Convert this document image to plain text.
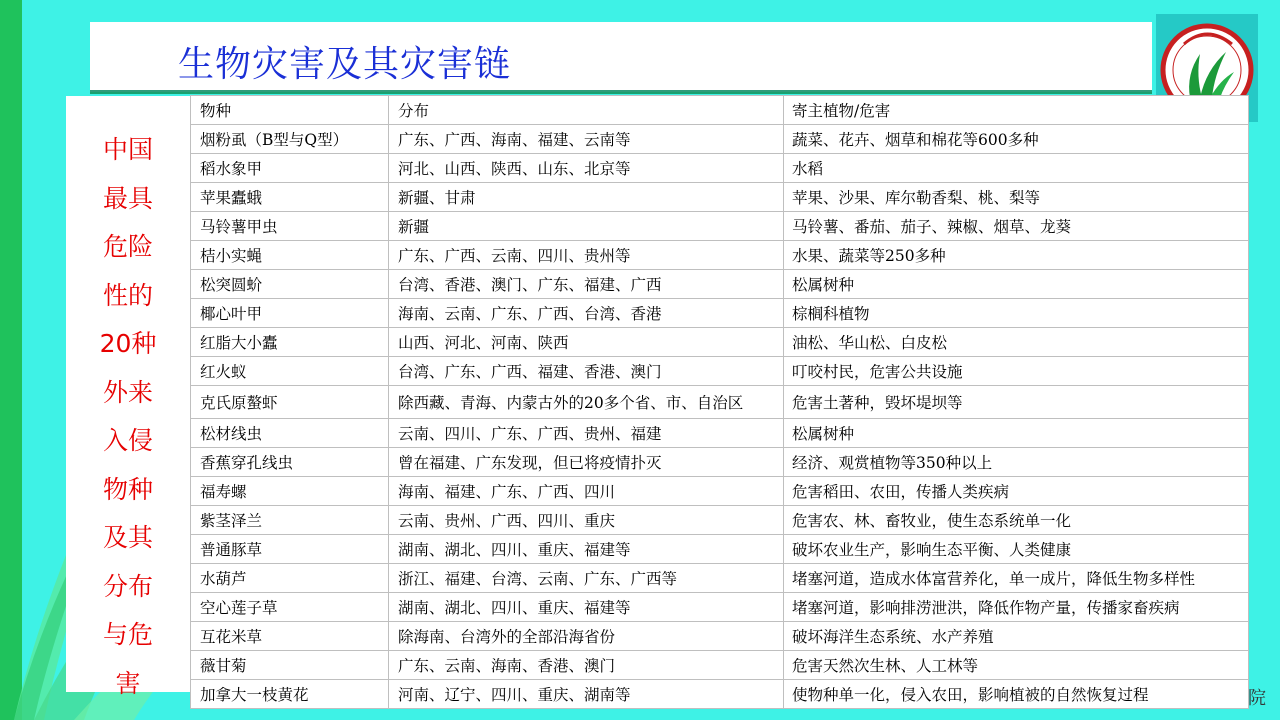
生物灾害及其灾害链
中国
最具
危险
性的
20种
外来
入侵
物种
及其
分布
与危
害
物种	分布	寄主植物/危害
烟粉虱（B型与Q型）	广东、广西、海南、福建、云南等	蔬菜、花卉、烟草和棉花等600多种
稻水象甲	河北、山西、陕西、山东、北京等	水稻
苹果蠹蛾	新疆、甘肃	苹果、沙果、库尔勒香梨、桃、梨等
马铃薯甲虫	新疆	马铃薯、番茄、茄子、辣椒、烟草、龙葵
桔小实蝇	广东、广西、云南、四川、贵州等	水果、蔬菜等250多种
松突圆蚧	台湾、香港、澳门、广东、福建、广西	松属树种
椰心叶甲	海南、云南、广东、广西、台湾、香港	棕榈科植物
红脂大小蠹	山西、河北、河南、陕西	油松、华山松、白皮松
红火蚁	台湾、广东、广西、福建、香港、澳门	叮咬村民，危害公共设施
克氏原螯虾	除西藏、青海、内蒙古外的20多个省、市、自治区	危害土著种，毁坏堤坝等
松材线虫	云南、四川、广东、广西、贵州、福建	松属树种
香蕉穿孔线虫	曾在福建、广东发现，但已将疫情扑灭	经济、观赏植物等350种以上
福寿螺	海南、福建、广东、广西、四川	危害稻田、农田，传播人类疾病
紫茎泽兰	云南、贵州、广西、四川、重庆	危害农、林、畜牧业，使生态系统单一化
普通豚草	湖南、湖北、四川、重庆、福建等	破坏农业生产，影响生态平衡、人类健康
水葫芦	浙江、福建、台湾、云南、广东、广西等	堵塞河道，造成水体富营养化，单一成片，降低生物多样性
空心莲子草	湖南、湖北、四川、重庆、福建等	堵塞河道，影响排涝泄洪，降低作物产量，传播家畜疾病
互花米草	除海南、台湾外的全部沿海省份	破坏海洋生态系统、水产养殖
薇甘菊	广东、云南、海南、香港、澳门	危害天然次生林、人工林等
加拿大一枝黄花	河南、辽宁、四川、重庆、湖南等	使物种单一化，侵入农田，影响植被的自然恢复过程	院
